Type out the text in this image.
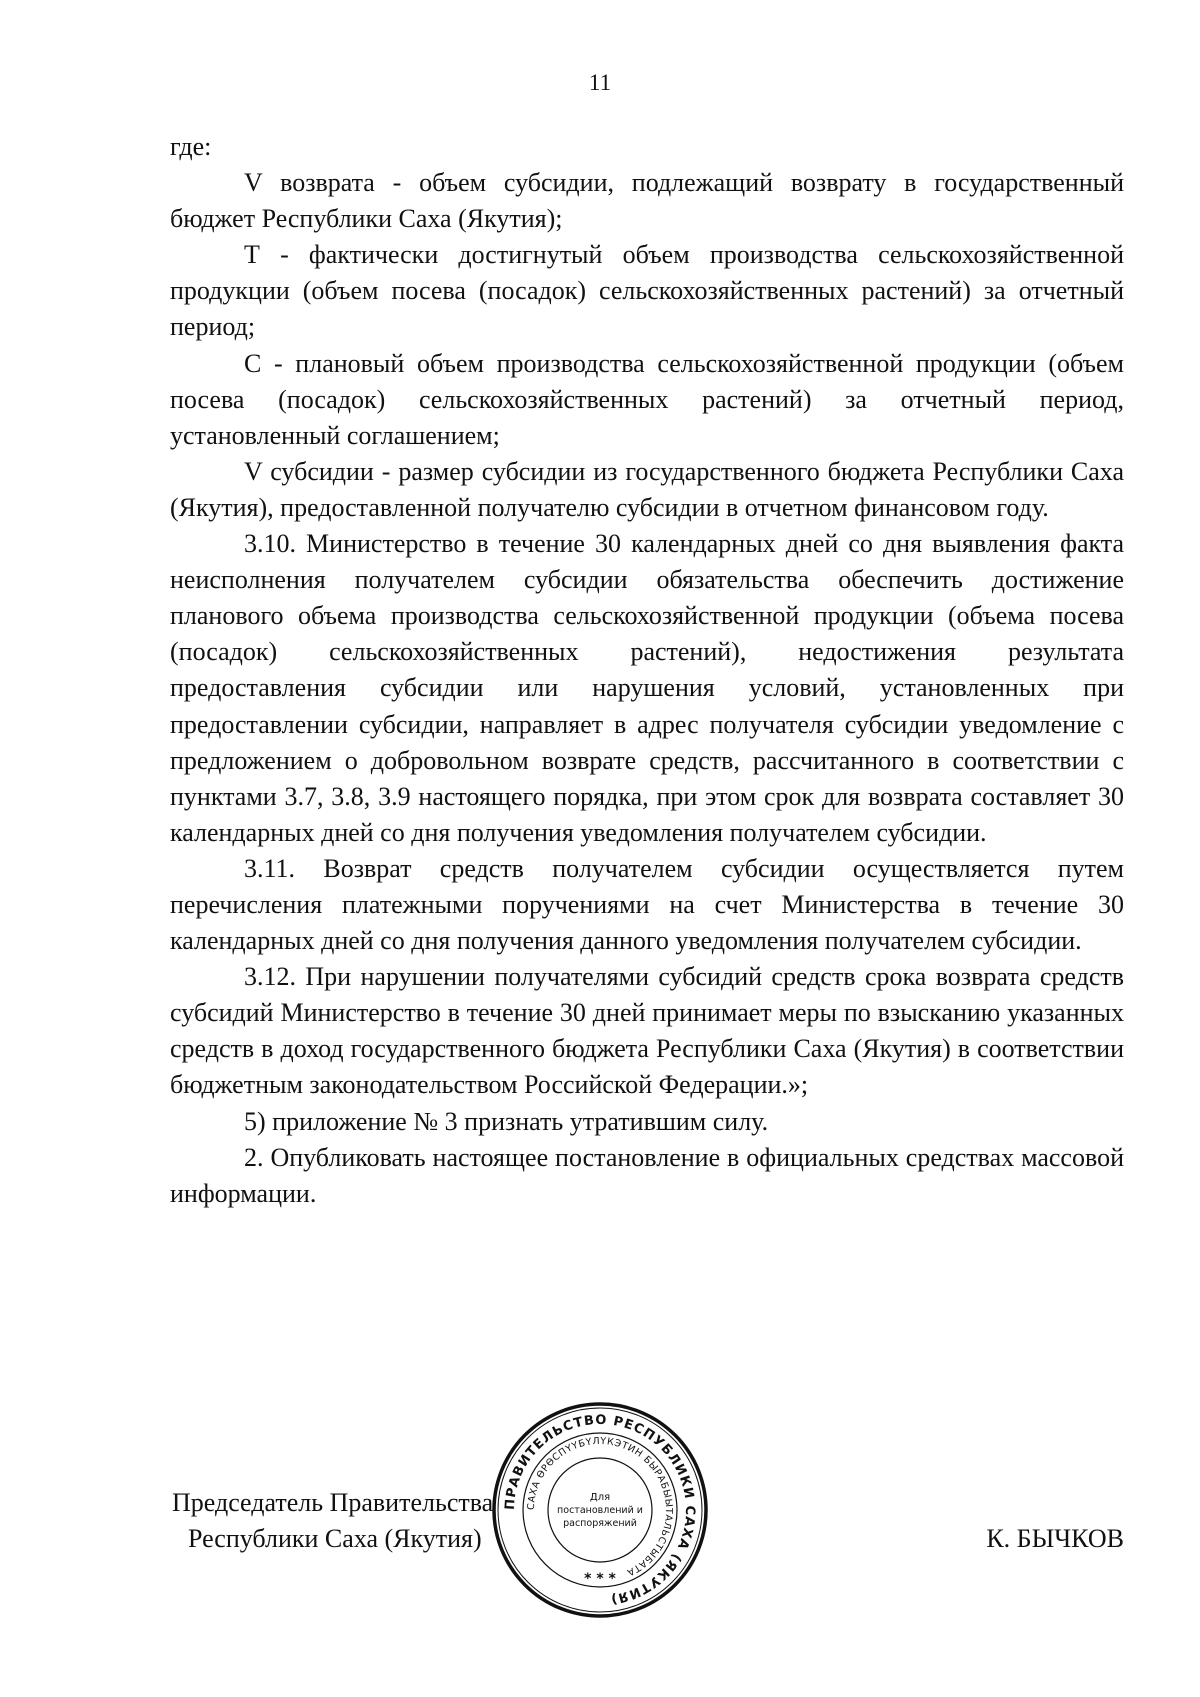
11

где:

V возврата - объем субсидии, подлежащий возврату в государственный бюджет Республики Саха (Якутия);

Т - фактически достигнутый объем производства сельскохозяйственной продукции (объем посева (посадок) сельскохозяйственных растений) за отчетный период;

С - плановый объем производства сельскохозяйственной продукции (объем посева (посадок) сельскохозяйственных растений) за отчетный период, установленный соглашением;

V субсидии - размер субсидии из государственного бюджета Республики Саха (Якутия), предоставленной получателю субсидии в отчетном финансовом году.

3.10. Министерство в течение 30 календарных дней со дня выявления факта неисполнения получателем субсидии обязательства обеспечить достижение планового объема производства сельскохозяйственной продукции (объема посева (посадок) сельскохозяйственных растений), недостижения результата предоставления субсидии или нарушения условий, установленных при предоставлении субсидии, направляет в адрес получателя субсидии уведомление с предложением о добровольном возврате средств, рассчитанного в соответствии с пунктами 3.7, 3.8, 3.9 настоящего порядка, при этом срок для возврата составляет 30 календарных дней со дня получения уведомления получателем субсидии.

3.11. Возврат средств получателем субсидии осуществляется путем перечисления платежными поручениями на счет Министерства в течение 30 календарных дней со дня получения данного уведомления получателем субсидии.

3.12. При нарушении получателями субсидий средств срока возврата средств субсидий Министерство в течение 30 дней принимает меры по взысканию указанных средств в доход государственного бюджета Республики Саха (Якутия) в соответствии бюджетным законодательством Российской Федерации.»;

5) приложение № 3 признать утратившим силу.

2. Опубликовать настоящее постановление в официальных средствах массовой информации.

Председатель Правительства
Республики Саха (Якутия)	К. БЫЧКОВ
ПРАВИТЕЛЬСТВО РЕСПУБЛИКИ САХА (ЯКУТИЯ)
САХА ӨРӨСПҮҮБҮЛҮКЭТИН БЫРАБЫЫТАЛЬСТЫБАТА
Для
постановлений и
распоряжений
* * *
